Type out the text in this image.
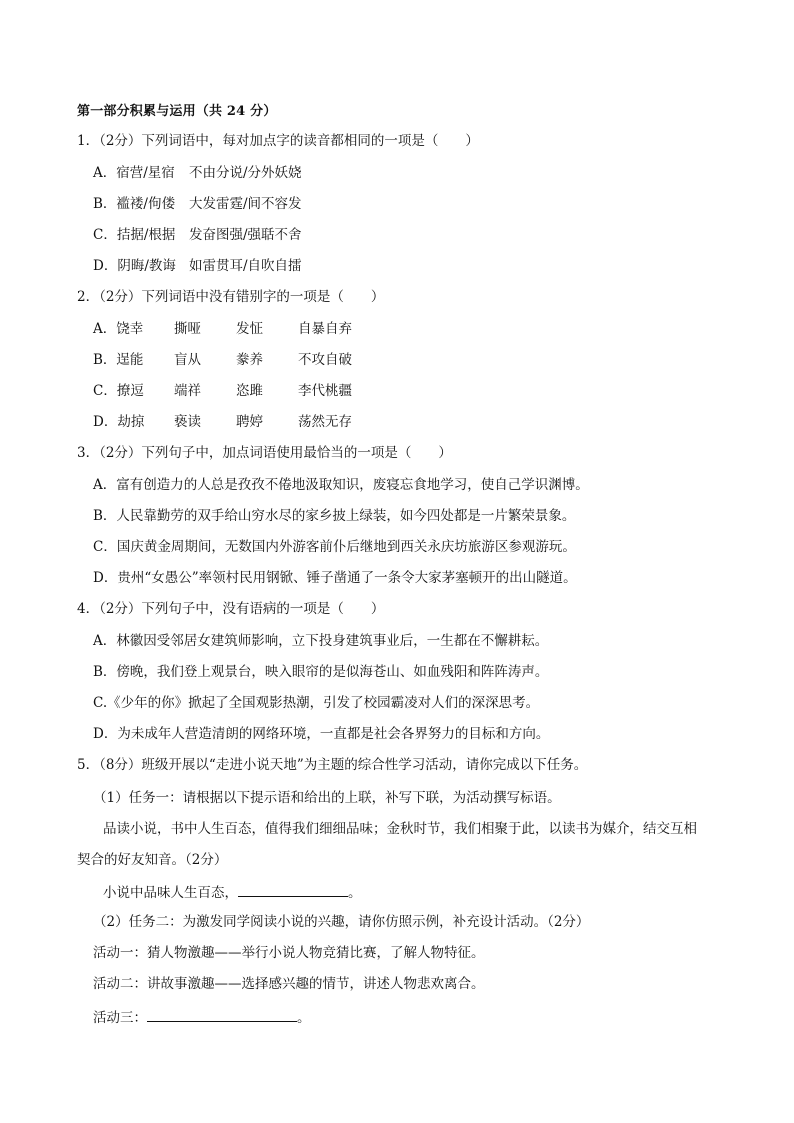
第一部分积累与运用（共 24 分）
1．（2分）下列词语中，每对加点字的读音都相同的一项是（　　）
A．宿营/星宿 不由分说/分外妖娆
B．褴褛/佝偻 大发雷霆/间不容发
C．拮据/根据 发奋图强/强聒不舍
D．阴晦/教诲 如雷贯耳/自吹自擂
2．（2分）下列词语中没有错别字的一项是（　　）
A．饶幸 撕哑	发怔	自暴自弃
B．逞能 盲从	豢养	不攻自破
C．撩逗 端祥	恣雎	李代桃疆
D．劫掠 亵读	聘婷	荡然无存
3．（2分）下列句子中，加点词语使用最恰当的一项是（　　）
A．富有创造力的人总是孜孜不倦地汲取知识，废寝忘食地学习，使自己学识渊博。
B．人民靠勤劳的双手给山穷水尽的家乡披上绿装，如今四处都是一片繁荣景象。
C．国庆黄金周期间，无数国内外游客前仆后继地到西关永庆坊旅游区参观游玩。
D．贵州“女愚公”率领村民用钢锨、锤子凿通了一条令大家茅塞顿开的出山隧道。
4．（2分）下列句子中，没有语病的一项是（　　）
A．林徽因受邻居女建筑师影响，立下投身建筑事业后，一生都在不懈耕耘。
B．傍晚，我们登上观景台，映入眼帘的是似海苍山、如血残阳和阵阵涛声。
C.《少年的你》掀起了全国观影热潮，引发了校园霸凌对人们的深深思考。
D．为未成年人营造清朗的网络环境，一直都是社会各界努力的目标和方向。
5．（8分）班级开展以“走进小说天地”为主题的综合性学习活动，请你完成以下任务。
（1）任务一：请根据以下提示语和给出的上联，补写下联，为活动撰写标语。
品读小说，书中人生百态，值得我们细细品味；金秋时节，我们相聚于此，以读书为媒介，结交互相
契合的好友知音。（2分）
小说中品味人生百态，	。
（2）任务二：为激发同学阅读小说的兴趣，请你仿照示例，补充设计活动。（2分）
活动一：猜人物激趣——举行小说人物竞猜比赛，了解人物特征。
活动二：讲故事激趣——选择感兴趣的情节，讲述人物悲欢离合。
活动三：	。
